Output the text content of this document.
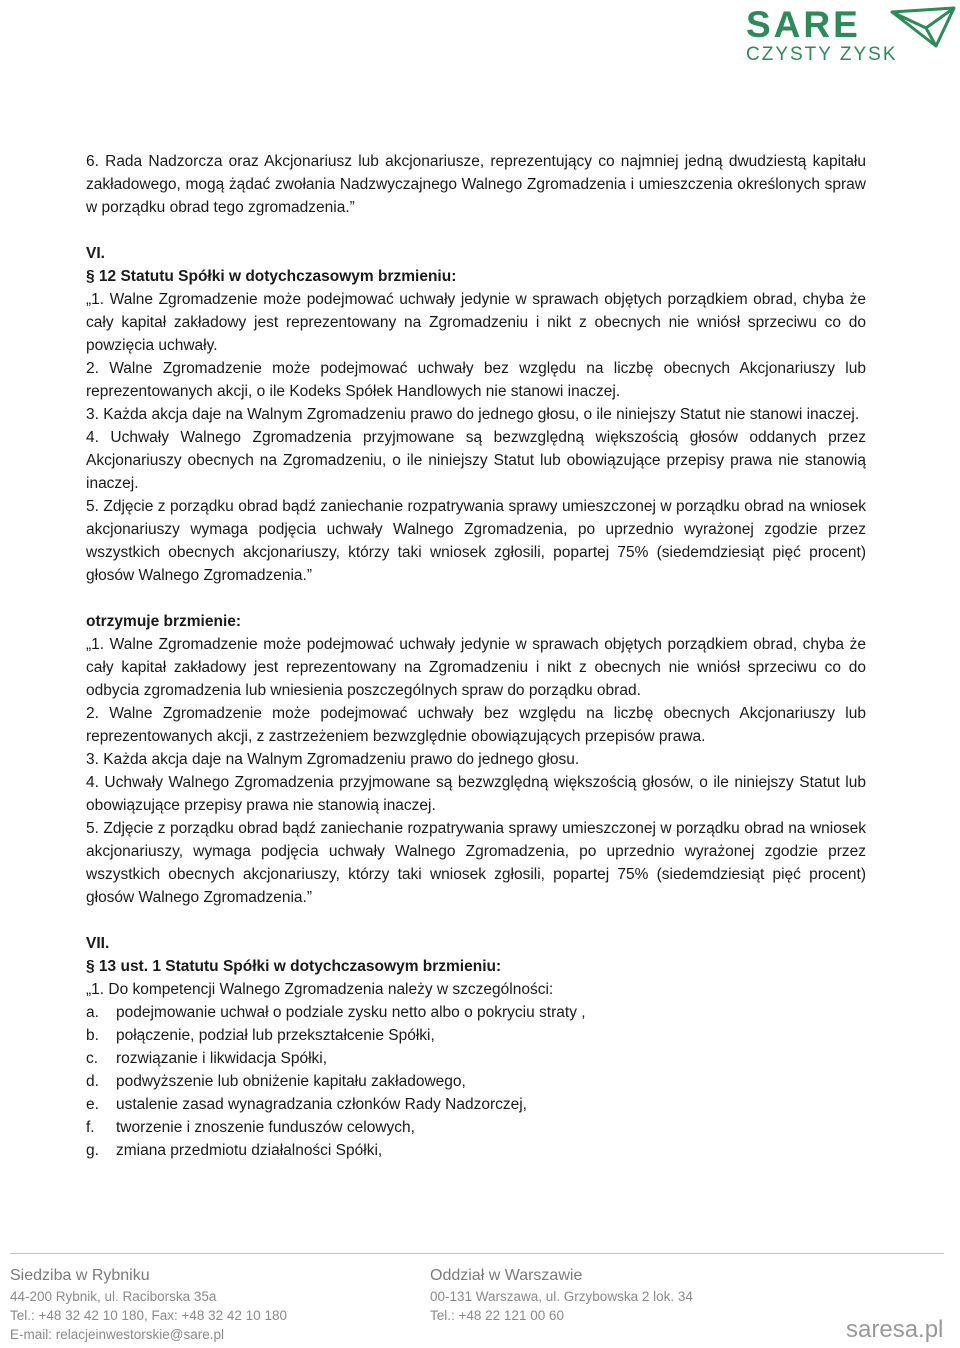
SARE
CZYSTY ZYSK

6. Rada Nadzorcza oraz Akcjonariusz lub akcjonariusze, reprezentujący co najmniej jedną dwudziestą kapitału zakładowego, mogą żądać zwołania Nadzwyczajnego Walnego Zgromadzenia i umieszczenia określonych spraw w porządku obrad tego zgromadzenia.”

VI.

§ 12 Statutu Spółki w dotychczasowym brzmieniu:

„1. Walne Zgromadzenie może podejmować uchwały jedynie w sprawach objętych porządkiem obrad, chyba że cały kapitał zakładowy jest reprezentowany na Zgromadzeniu i nikt z obecnych nie wniósł sprzeciwu co do powzięcia uchwały.

2. Walne Zgromadzenie może podejmować uchwały bez względu na liczbę obecnych Akcjonariuszy lub reprezentowanych akcji, o ile Kodeks Spółek Handlowych nie stanowi inaczej.

3. Każda akcja daje na Walnym Zgromadzeniu prawo do jednego głosu, o ile niniejszy Statut nie stanowi inaczej.

4. Uchwały Walnego Zgromadzenia przyjmowane są bezwzględną większością głosów oddanych przez Akcjonariuszy obecnych na Zgromadzeniu, o ile niniejszy Statut lub obowiązujące przepisy prawa nie stanowią inaczej.

5. Zdjęcie z porządku obrad bądź zaniechanie rozpatrywania sprawy umieszczonej w porządku obrad na wniosek akcjonariuszy wymaga podjęcia uchwały Walnego Zgromadzenia, po uprzednio wyrażonej zgodzie przez wszystkich obecnych akcjonariuszy, którzy taki wniosek zgłosili, popartej 75% (siedemdziesiąt pięć procent) głosów Walnego Zgromadzenia.”

otrzymuje brzmienie:

„1. Walne Zgromadzenie może podejmować uchwały jedynie w sprawach objętych porządkiem obrad, chyba że cały kapitał zakładowy jest reprezentowany na Zgromadzeniu i nikt z obecnych nie wniósł sprzeciwu co do odbycia zgromadzenia lub wniesienia poszczególnych spraw do porządku obrad.

2. Walne Zgromadzenie może podejmować uchwały bez względu na liczbę obecnych Akcjonariuszy lub reprezentowanych akcji, z zastrzeżeniem bezwzględnie obowiązujących przepisów prawa.

3. Każda akcja daje na Walnym Zgromadzeniu prawo do jednego głosu.

4. Uchwały Walnego Zgromadzenia przyjmowane są bezwzględną większością głosów, o ile niniejszy Statut lub obowiązujące przepisy prawa nie stanowią inaczej.

5. Zdjęcie z porządku obrad bądź zaniechanie rozpatrywania sprawy umieszczonej w porządku obrad na wniosek akcjonariuszy, wymaga podjęcia uchwały Walnego Zgromadzenia, po uprzednio wyrażonej zgodzie przez wszystkich obecnych akcjonariuszy, którzy taki wniosek zgłosili, popartej 75% (siedemdziesiąt pięć procent) głosów Walnego Zgromadzenia.”

VII.

§ 13 ust. 1 Statutu Spółki w dotychczasowym brzmieniu:

„1. Do kompetencji Walnego Zgromadzenia należy w szczególności:

a.	podejmowanie uchwał o podziale zysku netto albo o pokryciu straty ,
b.	połączenie, podział lub przekształcenie Spółki,
c.	rozwiązanie i likwidacja Spółki,
d.	podwyższenie lub obniżenie kapitału zakładowego,
e.	ustalenie zasad wynagradzania członków Rady Nadzorczej,
f.	tworzenie i znoszenie funduszów celowych,
g.	zmiana przedmiotu działalności Spółki,
Siedziba w Rybniku
44-200 Rybnik, ul. Raciborska 35a
Tel.: +48 32 42 10 180, Fax: +48 32 42 10 180
E-mail: relacjeinwestorskie@sare.pl
Oddział w Warszawie
00-131 Warszawa, ul. Grzybowska 2 lok. 34
Tel.: +48 22 121 00 60
saresa.pl
